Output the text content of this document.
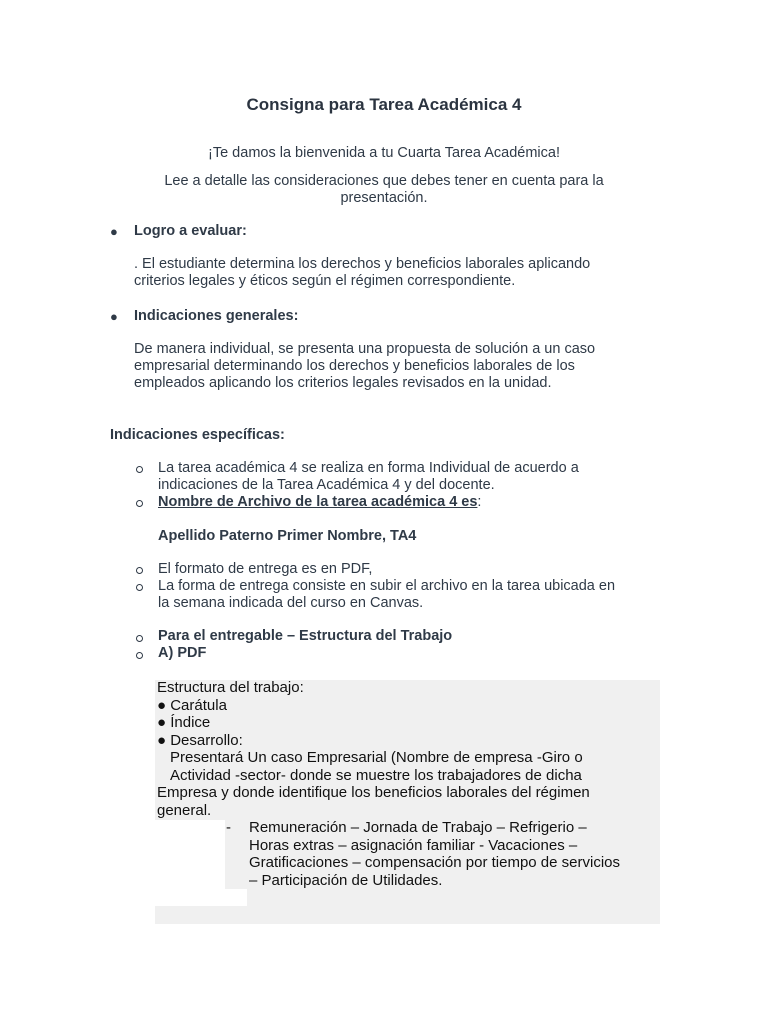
Consigna para Tarea Académica 4
¡Te damos la bienvenida a tu Cuarta Tarea Académica!
Lee a detalle las consideraciones que debes tener en cuenta para la
presentación.
● Logro a evaluar:
. El estudiante determina los derechos y beneficios laborales aplicando
criterios legales y éticos según el régimen correspondiente.
● Indicaciones generales:
De manera individual, se presenta una propuesta de solución a un caso
empresarial determinando los derechos y beneficios laborales de los
empleados aplicando los criterios legales revisados en la unidad.
Indicaciones específicas:
La tarea académica 4 se realiza en forma Individual de acuerdo a
indicaciones de la Tarea Académica 4 y del docente.
Nombre de Archivo de la tarea académica 4 es:
Apellido Paterno Primer Nombre, TA4
El formato de entrega es en PDF,
La forma de entrega consiste en subir el archivo en la tarea ubicada en
la semana indicada del curso en Canvas.
Para el entregable – Estructura del Trabajo
A) PDF
Estructura del trabajo:
● Carátula
● Índice
● Desarrollo:
Presentará Un caso Empresarial (Nombre de empresa -Giro o
Actividad -sector- donde se muestre los trabajadores de dicha
Empresa y donde identifique los beneficios laborales del régimen
general.
- Remuneración – Jornada de Trabajo – Refrigerio –
Horas extras – asignación familiar - Vacaciones –
Gratificaciones – compensación por tiempo de servicios
– Participación de Utilidades.
